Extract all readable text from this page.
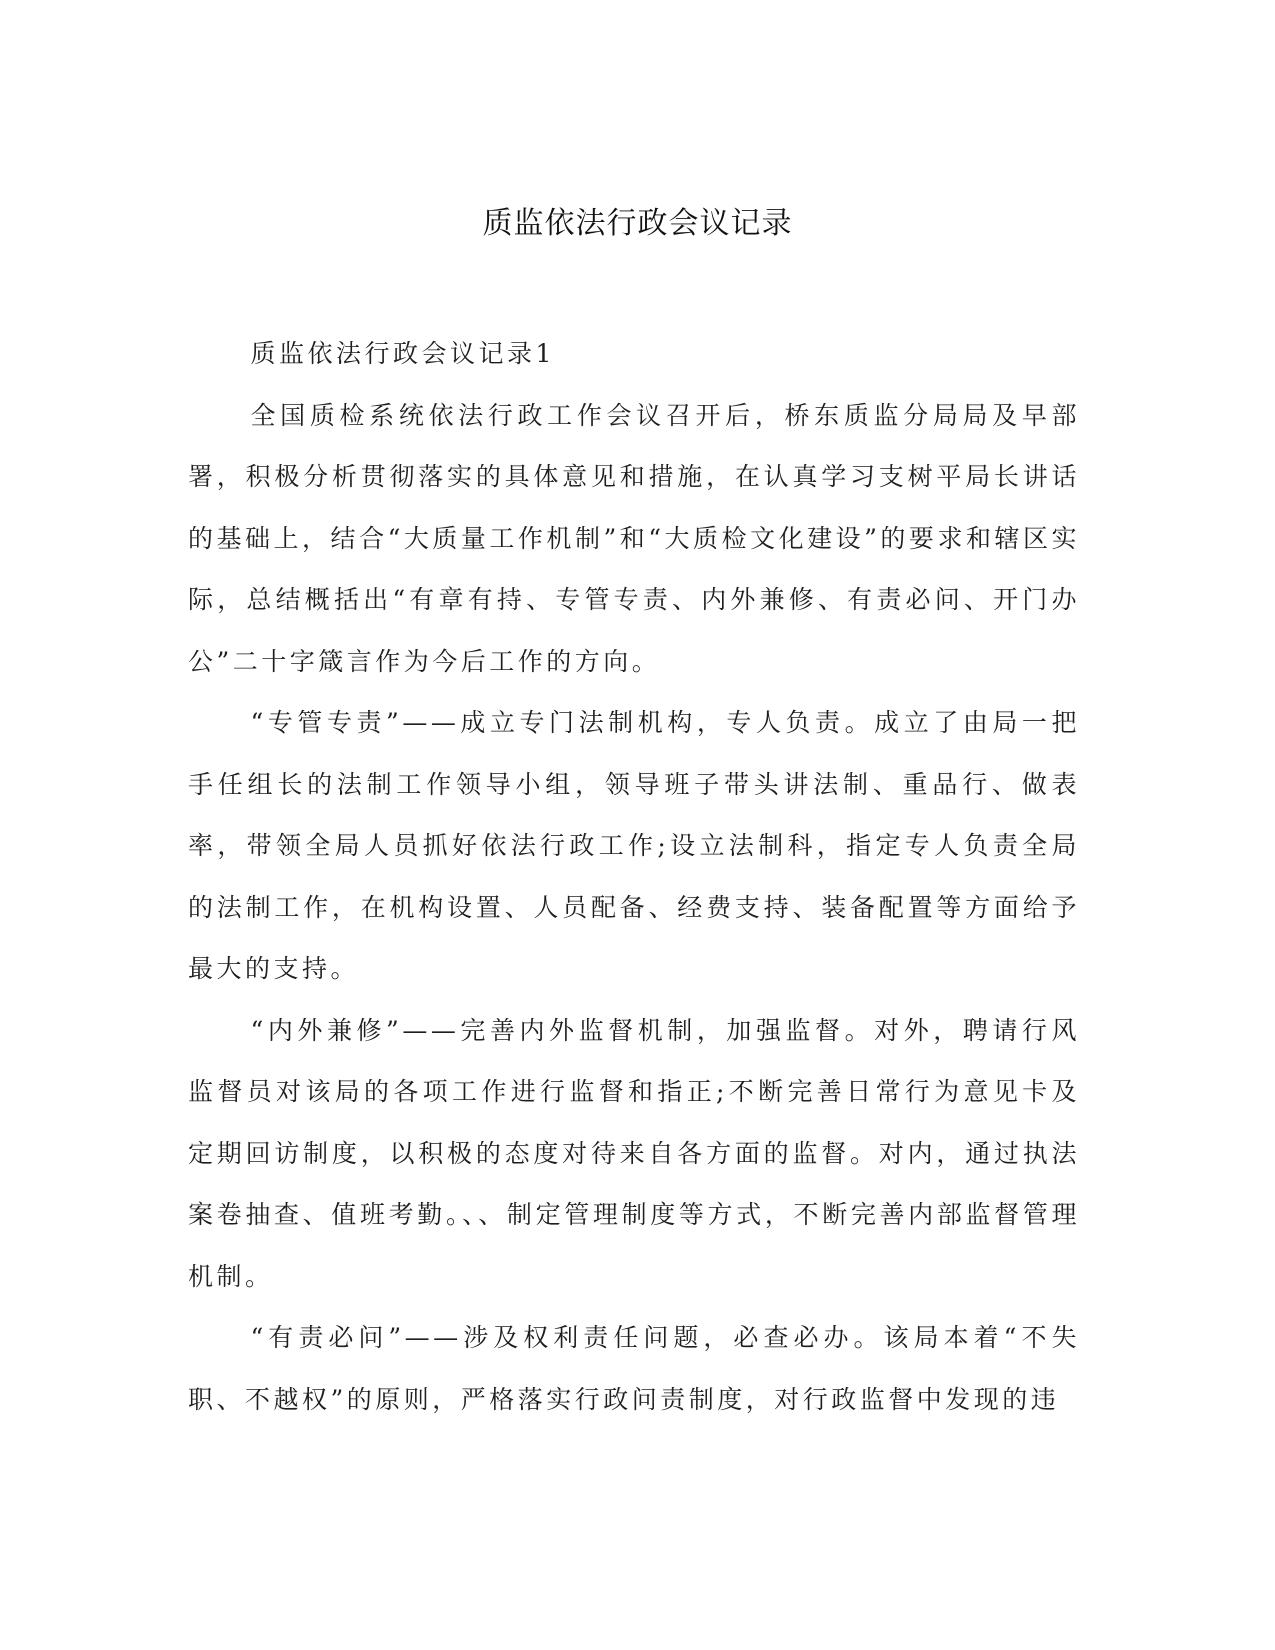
质监依法行政会议记录

质监依法行政会议记录1

全国质检系统依法行政工作会议召开后，桥东质监分局局及早部署，积极分析贯彻落实的具体意见和措施，在认真学习支树平局长讲话的基础上，结合“大质量工作机制”和“大质检文化建设”的要求和辖区实际，总结概括出“有章有持、专管专责、内外兼修、有责必问、开门办公”二十字箴言作为今后工作的方向。

“专管专责”——成立专门法制机构，专人负责。成立了由局一把手任组长的法制工作领导小组，领导班子带头讲法制、重品行、做表率，带领全局人员抓好依法行政工作;设立法制科，指定专人负责全局的法制工作，在机构设置、人员配备、经费支持、装备配置等方面给予最大的支持。

“内外兼修”——完善内外监督机制，加强监督。对外，聘请行风监督员对该局的各项工作进行监督和指正;不断完善日常行为意见卡及定期回访制度，以积极的态度对待来自各方面的监督。对内，通过执法案卷抽查、值班考勤。、、制定管理制度等方式，不断完善内部监督管理机制。

“有责必问”——涉及权利责任问题，必查必办。该局本着“不失职、不越权”的原则，严格落实行政问责制度，对行政监督中发现的违
